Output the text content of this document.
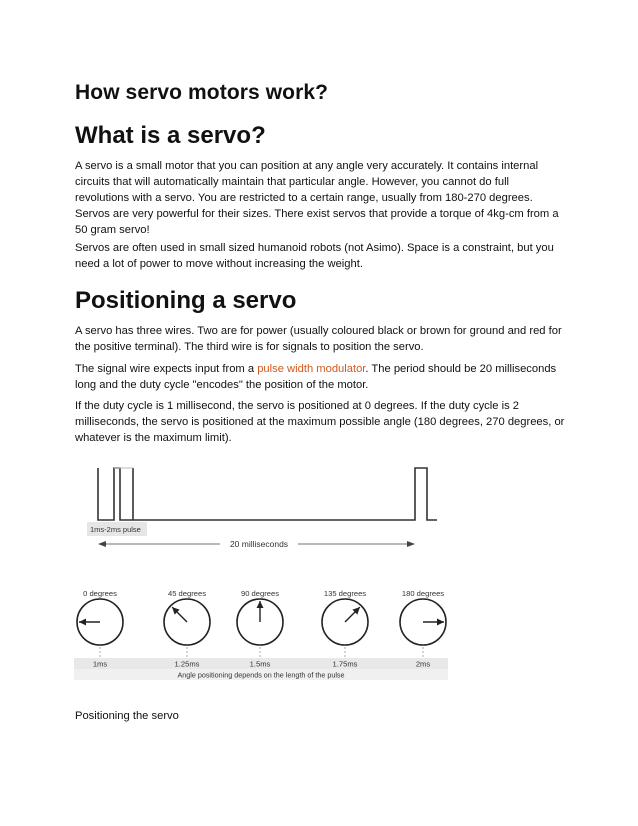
How servo motors work?
What is a servo?

A servo is a small motor that you can position at any angle very accurately. It contains internal circuits that will automatically maintain that particular angle. However, you cannot do full revolutions with a servo. You are restricted to a certain range, usually from 180-270 degrees. Servos are very powerful for their sizes. There exist servos that provide a torque of 4kg-cm from a 50 gram servo!

Servos are often used in small sized humanoid robots (not Asimo). Space is a constraint, but you need a lot of power to move without increasing the weight.

Positioning a servo

A servo has three wires. Two are for power (usually coloured black or brown for ground and red for the positive terminal). The third wire is for signals to position the servo.

The signal wire expects input from a pulse width modulator. The period should be 20 milliseconds long and the duty cycle "encodes" the position of the motor.

If the duty cycle is 1 millisecond, the servo is positioned at 0 degrees. If the duty cycle is 2 milliseconds, the servo is positioned at the maximum possible angle (180 degrees, 270 degrees, or whatever is the maximum limit).

1ms-2ms pulse
20 milliseconds
0 degrees	45 degrees	90 degrees	135 degrees	180 degrees
1ms	1.25ms	1.5ms	1.75ms	2ms
Angle positioning depends on the length of the pulse

Positioning the servo
